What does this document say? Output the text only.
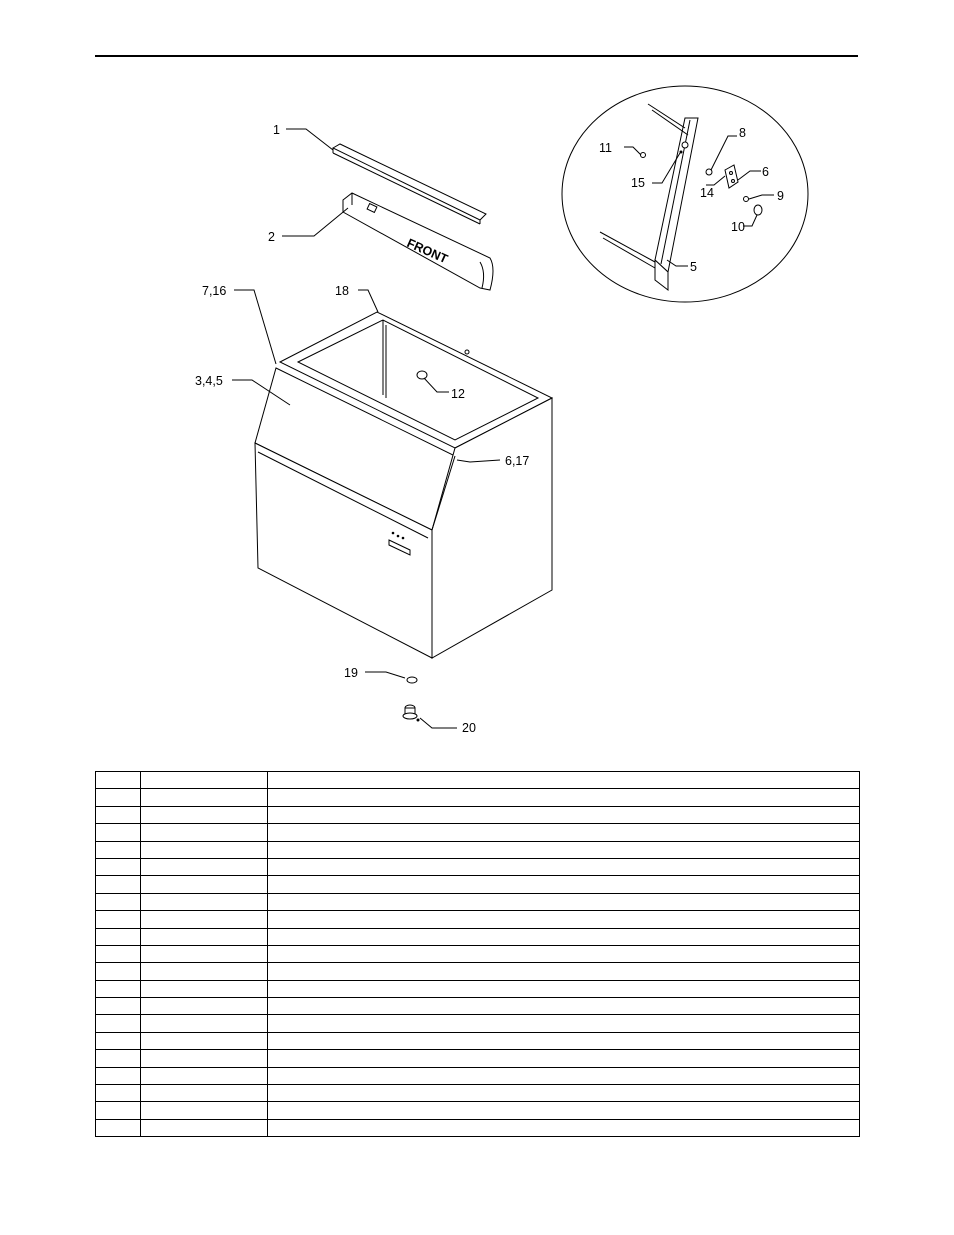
FRONT
1
2
7,16	18
3,4,5
12
6,17
19
20
11
8
15
14
6
9
10
5
